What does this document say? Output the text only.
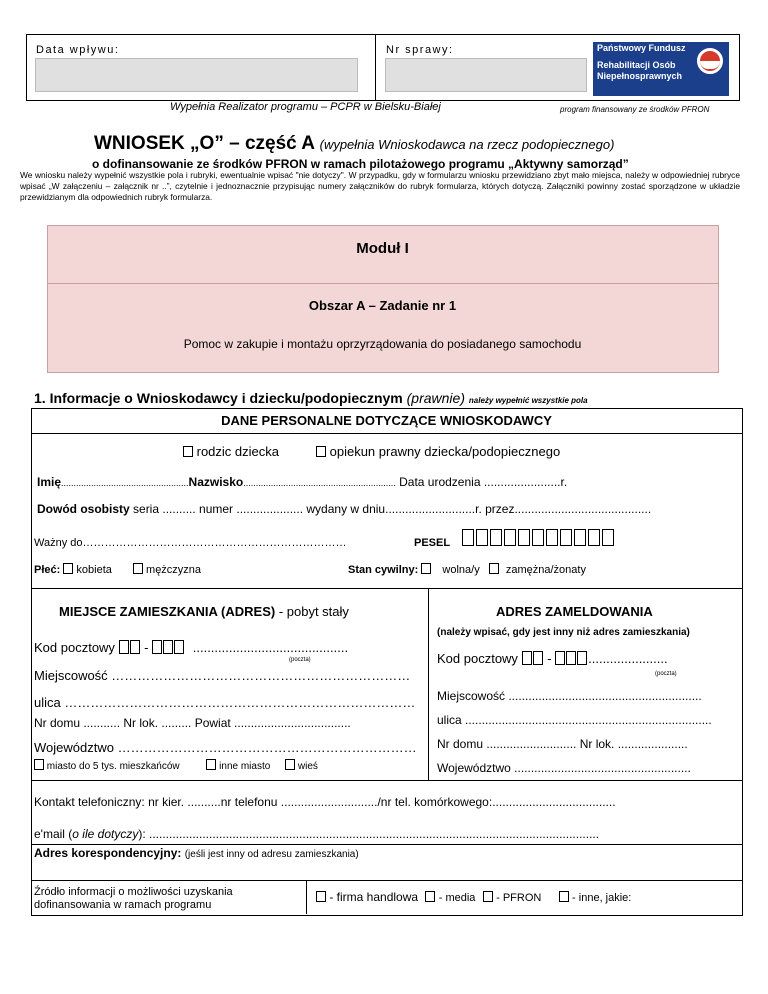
Data wpływu:	Nr sprawy:	Państwowy Fundusz
Rehabilitacji Osób
Niepełnosprawnych
Wypełnia Realizator programu – PCPR w Bielsku-Białej	program finansowany ze środków PFRON
WNIOSEK „O” – część A (wypełnia Wnioskodawca na rzecz podopiecznego)
o dofinansowanie ze środków PFRON w ramach pilotażowego programu „Aktywny samorząd”
We wniosku należy wypełnić wszystkie pola i rubryki, ewentualnie wpisać "nie dotyczy". W przypadku, gdy w formularzu wniosku przewidziano zbyt mało miejsca, należy w odpowiedniej rubryce wpisać „W załączeniu – załącznik nr ..”, czytelnie i jednoznacznie przypisując numery załączników do rubryk formularza, których dotyczą. Załączniki powinny zostać sporządzone w układzie przewidzianym dla odpowiednich rubryk formularza.
Moduł I
Obszar A – Zadanie nr 1
Pomoc w zakupie i montażu oprzyrządowania do posiadanego samochodu
1. Informacje o Wnioskodawcy i dziecku/podopiecznym (prawnie) należy wypełnić wszystkie pola
DANE PERSONALNE DOTYCZĄCE WNIOSKODAWCY
rodzic dziecka	opiekun prawny dziecka/podopiecznego
Imię...................................................Nazwisko............................................................. Data urodzenia .......................r.
Dowód osobisty seria .......... numer .................... wydany w dniu...........................r. przez.........................................
Ważny do………………………………………………………………	PESEL
Płeć: kobieta	mężczyzna	Stan cywilny: wolna/y zamężna/żonaty
MIEJSCE ZAMIESZKANIA (ADRES) - pobyt stały	ADRES ZAMELDOWANIA
(należy wpisać, gdy jest inny niż adres zamieszkania)
Kod pocztowy  -	...........................................
(poczta)
Miejscowość ……………………………………………………………
ulica ………………………………………………………………………
Nr domu ........... Nr lok. ......... Powiat ...................................
Województwo ……………………………………………………………
miasto do 5 tys. mieszkańców	inne miasto	wieś
Kod pocztowy  -	......................
(poczta)
Miejscowość ..........................................................
ulica ..........................................................................
Nr domu ........................... Nr lok. .....................
Województwo .....................................................
Kontakt telefoniczny: nr kier. ..........nr telefonu ............................./nr tel. komórkowego:.....................................
e'mail (o ile dotyczy): .......................................................................................................................................
Adres korespondencyjny: (jeśli jest inny od adresu zamieszkania)
Źródło informacji o możliwości uzyskania
dofinansowania w ramach programu
- firma handlowa - media - PFRON	- inne, jakie:
